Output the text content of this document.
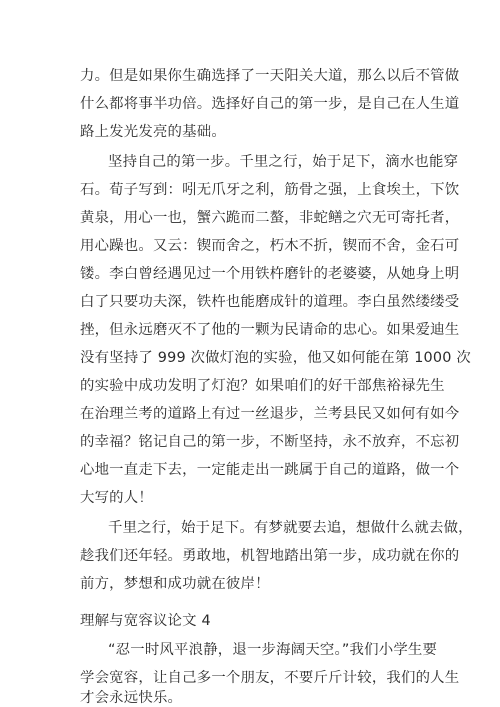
力。但是如果你生确选择了一天阳关大道，那么以后不管做
什么都将事半功倍。选择好自己的第一步，是自己在人生道
路上发光发亮的基础。
坚持自己的第一步。千里之行，始于足下，滴水也能穿
石。荀子写到：吲无爪牙之利，筋骨之强，上食埃土，下饮
黄泉，用心一也，蟹六跪而二螯，非蛇鳝之穴无可寄托者，
用心躁也。又云：锲而舍之，朽木不折，锲而不舍，金石可
镂。李白曾经遇见过一个用铁杵磨针的老婆婆，从她身上明
白了只要功夫深，铁杵也能磨成针的道理。李白虽然缕缕受
挫，但永远磨灭不了他的一颗为民请命的忠心。如果爱迪生
没有坚持了 999 次做灯泡的实验，他又如何能在第 1000 次
的实验中成功发明了灯泡？如果咱们的好干部焦裕禄先生
在治理兰考的道路上有过一丝退步，兰考县民又如何有如今
的幸福？铭记自己的第一步，不断坚持，永不放弃，不忘初
心地一直走下去，一定能走出一跳属于自己的道路，做一个
大写的人！
千里之行，始于足下。有梦就要去追，想做什么就去做，
趁我们还年轻。勇敢地，机智地踏出第一步，成功就在你的
前方，梦想和成功就在彼岸！
理解与宽容议论文 4
“忍一时风平浪静，退一步海阔天空。”我们小学生要
学会宽容，让自己多一个朋友，不要斤斤计较，我们的人生
才会永远快乐。
